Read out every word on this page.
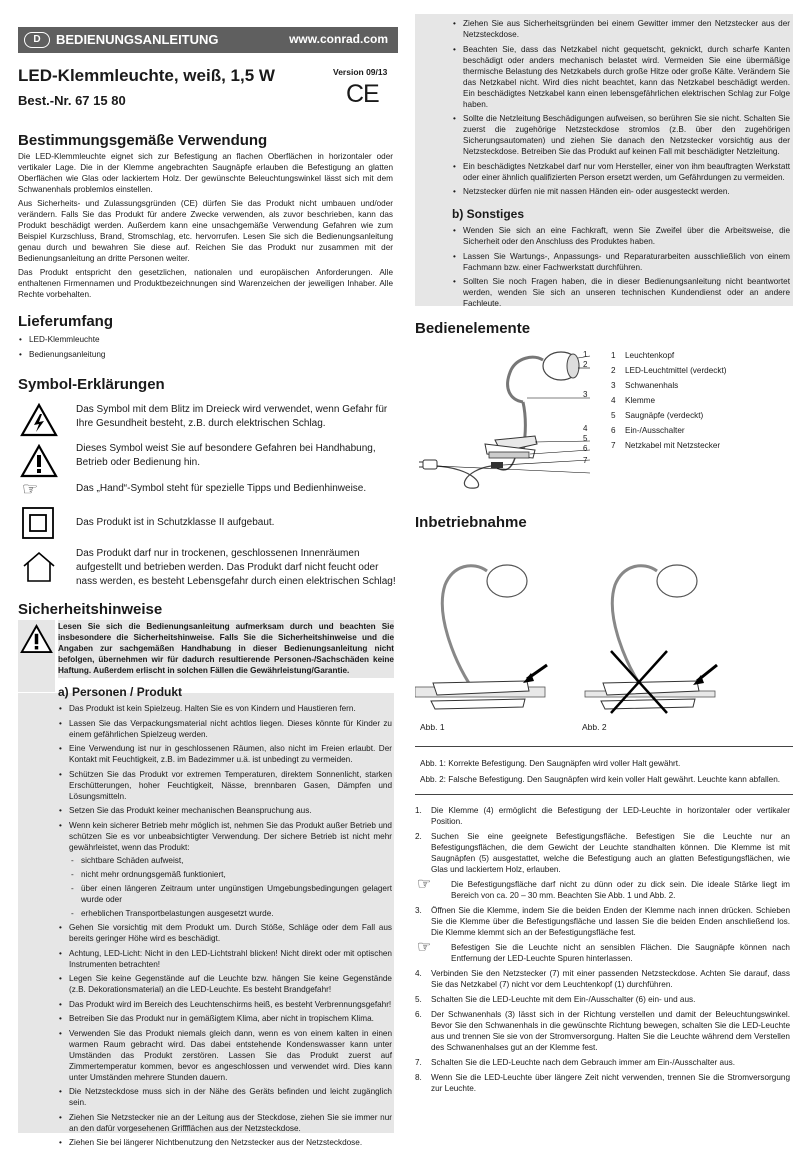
D	BEDIENUNGSANLEITUNG	www.conrad.com
LED-Klemmleuchte, weiß, 1,5 W	Version 09/13
CE
Best.-Nr. 67 15 80
Bestimmungsgemäße Verwendung
Die LED-Klemmleuchte eignet sich zur Befestigung an flachen Oberflächen in horizontaler oder vertikaler Lage. Die in der Klemme angebrachten Saugnäpfe erlauben die Befestigung an glatten Oberflächen wie Glas oder lackiertem Holz. Der gewünschte Beleuchtungswinkel lässt sich mit dem Schwanenhals problemlos einstellen.
Aus Sicherheits- und Zulassungsgründen (CE) dürfen Sie das Produkt nicht umbauen und/oder verändern. Falls Sie das Produkt für andere Zwecke verwenden, als zuvor beschrieben, kann das Produkt beschädigt werden. Außerdem kann eine unsachgemäße Verwendung Gefahren wie zum Beispiel Kurzschluss, Brand, Stromschlag, etc. hervorrufen. Lesen Sie sich die Bedienungsanleitung genau durch und bewahren Sie diese auf. Reichen Sie das Produkt nur zusammen mit der Bedienungsanleitung an dritte Personen weiter.
Das Produkt entspricht den gesetzlichen, nationalen und europäischen Anforderungen. Alle enthaltenen Firmennamen und Produktbezeichnungen sind Warenzeichen der jeweiligen Inhaber. Alle Rechte vorbehalten.
Lieferumfang
• LED-Klemmleuchte
• Bedienungsanleitung
Symbol-Erklärungen
Das Symbol mit dem Blitz im Dreieck wird verwendet, wenn Gefahr für Ihre Gesundheit besteht, z.B. durch elektrischen Schlag.
Dieses Symbol weist Sie auf besondere Gefahren bei Handhabung, Betrieb oder Bedienung hin.
☞	Das „Hand“-Symbol steht für spezielle Tipps und Bedienhinweise.
Das Produkt ist in Schutzklasse II aufgebaut.
Das Produkt darf nur in trockenen, geschlossenen Innenräumen aufgestellt und betrieben werden. Das Produkt darf nicht feucht oder nass werden, es besteht Lebensgefahr durch einen elektrischen Schlag!
Sicherheitshinweise
Lesen Sie sich die Bedienungsanleitung aufmerksam durch und beachten Sie insbesondere die Sicherheitshinweise. Falls Sie die Sicherheitshinweise und die Angaben zur sachgemäßen Handhabung in dieser Bedienungsanleitung nicht befolgen, übernehmen wir für dadurch resultierende Personen-/Sachschäden keine Haftung. Außerdem erlischt in solchen Fällen die Gewährleistung/Garantie.
a) Personen / Produkt
• Das Produkt ist kein Spielzeug. Halten Sie es von Kindern und Haustieren fern.
• Lassen Sie das Verpackungsmaterial nicht achtlos liegen. Dieses könnte für Kinder zu einem gefährlichen Spielzeug werden.
• Eine Verwendung ist nur in geschlossenen Räumen, also nicht im Freien erlaubt. Der Kontakt mit Feuchtigkeit, z.B. im Badezimmer u.ä. ist unbedingt zu vermeiden.
• Schützen Sie das Produkt vor extremen Temperaturen, direktem Sonnenlicht, starken Erschütterungen, hoher Feuchtigkeit, Nässe, brennbaren Gasen, Dämpfen und Lösungsmitteln.
• Setzen Sie das Produkt keiner mechanischen Beanspruchung aus.
• Wenn kein sicherer Betrieb mehr möglich ist, nehmen Sie das Produkt außer Betrieb und schützen Sie es vor unbeabsichtigter Verwendung. Der sichere Betrieb ist nicht mehr gewährleistet, wenn das Produkt:
- sichtbare Schäden aufweist,
- nicht mehr ordnungsgemäß funktioniert,
- über einen längeren Zeitraum unter ungünstigen Umgebungsbedingungen gelagert wurde oder
- erheblichen Transportbelastungen ausgesetzt wurde.
• Gehen Sie vorsichtig mit dem Produkt um. Durch Stöße, Schläge oder dem Fall aus bereits geringer Höhe wird es beschädigt.
• Achtung, LED-Licht: Nicht in den LED-Lichtstrahl blicken! Nicht direkt oder mit optischen Instrumenten betrachten!
• Legen Sie keine Gegenstände auf die Leuchte bzw. hängen Sie keine Gegenstände (z.B. Dekorationsmaterial) an die LED-Leuchte. Es besteht Brandgefahr!
• Das Produkt wird im Bereich des Leuchtenschirms heiß, es besteht Verbrennungsgefahr!
• Betreiben Sie das Produkt nur in gemäßigtem Klima, aber nicht in tropischem Klima.
• Verwenden Sie das Produkt niemals gleich dann, wenn es von einem kalten in einen warmen Raum gebracht wird. Das dabei entstehende Kondenswasser kann unter Umständen das Produkt zerstören. Lassen Sie das Produkt zuerst auf Zimmertemperatur kommen, bevor es angeschlossen und verwendet wird. Dies kann unter Umständen mehrere Stunden dauern.
• Die Netzsteckdose muss sich in der Nähe des Geräts befinden und leicht zugänglich sein.
• Ziehen Sie Netzstecker nie an der Leitung aus der Steckdose, ziehen Sie sie immer nur an den dafür vorgesehenen Griffflächen aus der Netzsteckdose.
• Ziehen Sie bei längerer Nichtbenutzung den Netzstecker aus der Netzsteckdose.
• Ziehen Sie aus Sicherheitsgründen bei einem Gewitter immer den Netzstecker aus der Netzsteckdose.
• Beachten Sie, dass das Netzkabel nicht gequetscht, geknickt, durch scharfe Kanten beschädigt oder anders mechanisch belastet wird. Vermeiden Sie eine übermäßige thermische Belastung des Netzkabels durch große Hitze oder große Kälte. Verändern Sie das Netzkabel nicht. Wird dies nicht beachtet, kann das Netzkabel beschädigt werden. Ein beschädigtes Netzkabel kann einen lebensgefährlichen elektrischen Schlag zur Folge haben.
• Sollte die Netzleitung Beschädigungen aufweisen, so berühren Sie sie nicht. Schalten Sie zuerst die zugehörige Netzsteckdose stromlos (z.B. über den zugehörigen Sicherungsautomaten) und ziehen Sie danach den Netzstecker vorsichtig aus der Netzsteckdose. Betreiben Sie das Produkt auf keinen Fall mit beschädigter Netzleitung.
• Ein beschädigtes Netzkabel darf nur vom Hersteller, einer von ihm beauftragten Werkstatt oder einer ähnlich qualifizierten Person ersetzt werden, um Gefährdungen zu vermeiden.
• Netzstecker dürfen nie mit nassen Händen ein- oder ausgesteckt werden.
b) Sonstiges
• Wenden Sie sich an eine Fachkraft, wenn Sie Zweifel über die Arbeitsweise, die Sicherheit oder den Anschluss des Produktes haben.
• Lassen Sie Wartungs-, Anpassungs- und Reparaturarbeiten ausschließlich von einem Fachmann bzw. einer Fachwerkstatt durchführen.
• Sollten Sie noch Fragen haben, die in dieser Bedienungsanleitung nicht beantwortet werden, wenden Sie sich an unseren technischen Kundendienst oder an andere Fachleute.
Bedienelemente
1
2
3
4
5
6
7
1 Leuchtenkopf
2 LED-Leuchtmittel (verdeckt)
3 Schwanenhals
4 Klemme
5 Saugnäpfe (verdeckt)
6 Ein-/Ausschalter
7 Netzkabel mit Netzstecker
Inbetriebnahme
Abb. 1	Abb. 2
Abb. 1: Korrekte Befestigung. Den Saugnäpfen wird voller Halt gewährt.
Abb. 2: Falsche Befestigung. Den Saugnäpfen wird kein voller Halt gewährt. Leuchte kann abfallen.
1. Die Klemme (4) ermöglicht die Befestigung der LED-Leuchte in horizontaler oder vertikaler Position.
2. Suchen Sie eine geeignete Befestigungsfläche. Befestigen Sie die Leuchte nur an Befestigungsflächen, die dem Gewicht der Leuchte standhalten können. Die Klemme ist mit Saugnäpfen (5) ausgestattet, welche die Befestigung auch an glatten Befestigungsflächen, wie Glas und lackiertem Holz, erlauben.
☞ Die Befestigungsfläche darf nicht zu dünn oder zu dick sein. Die ideale Stärke liegt im Bereich von ca. 20 – 30 mm. Beachten Sie Abb. 1 und Abb. 2.
3. Öffnen Sie die Klemme, indem Sie die beiden Enden der Klemme nach innen drücken. Schieben Sie die Klemme über die Befestigungsfläche und lassen Sie die beiden Enden anschließend los. Die Klemme klemmt sich an der Befestigungsfläche fest.
☞ Befestigen Sie die Leuchte nicht an sensiblen Flächen. Die Saugnäpfe können nach Entfernung der LED-Leuchte Spuren hinterlassen.
4. Verbinden Sie den Netzstecker (7) mit einer passenden Netzsteckdose. Achten Sie darauf, dass Sie das Netzkabel (7) nicht vor dem Leuchtenkopf (1) durchführen.
5. Schalten Sie die LED-Leuchte mit dem Ein-/Ausschalter (6) ein- und aus.
6. Der Schwanenhals (3) lässt sich in der Richtung verstellen und damit der Beleuchtungswinkel. Bevor Sie den Schwanenhals in die gewünschte Richtung bewegen, schalten Sie die LED-Leuchte aus und trennen Sie sie von der Stromversorgung. Halten Sie die Leuchte während dem Verstellen des Schwanenhalses gut an der Klemme fest.
7. Schalten Sie die LED-Leuchte nach dem Gebrauch immer am Ein-/Ausschalter aus.
8. Wenn Sie die LED-Leuchte über längere Zeit nicht verwenden, trennen Sie die Stromversorgung zur Leuchte.
